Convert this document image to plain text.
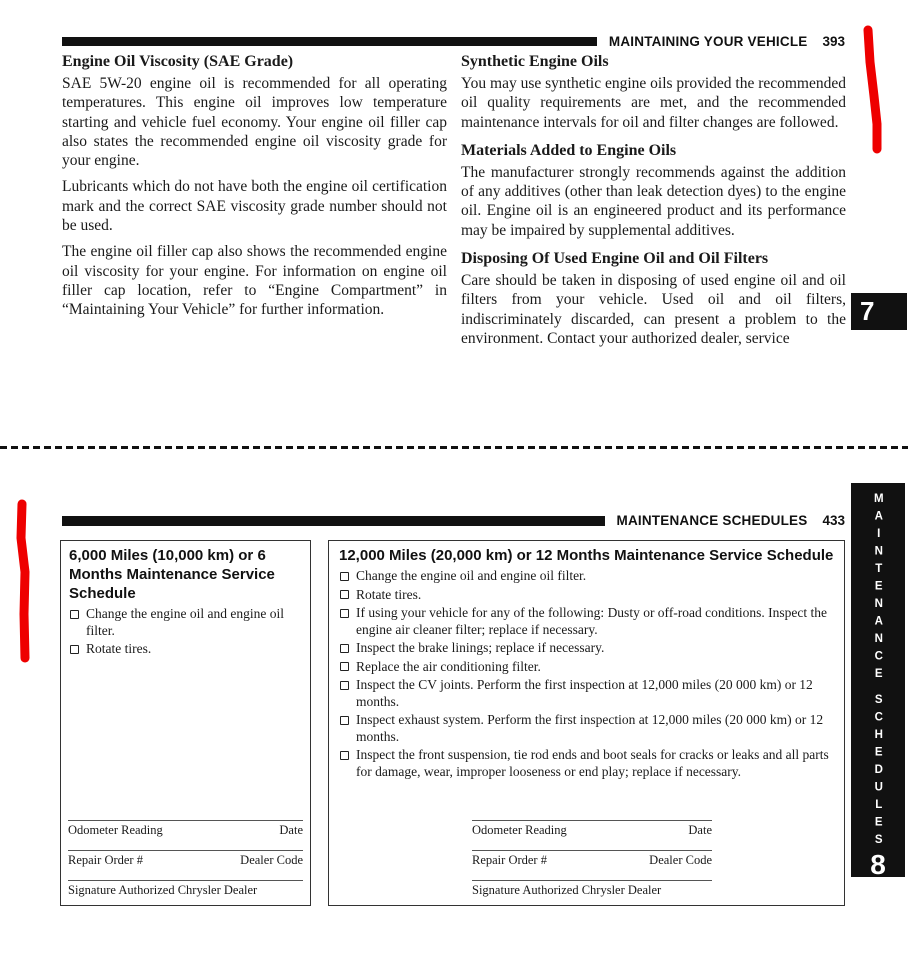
MAINTAINING YOUR VEHICLE 393
Engine Oil Viscosity (SAE Grade)

SAE 5W-20 engine oil is recommended for all operating temperatures. This engine oil improves low temperature starting and vehicle fuel economy. Your engine oil filler cap also states the recommended engine oil viscosity grade for your engine.

Lubricants which do not have both the engine oil certification mark and the correct SAE viscosity grade number should not be used.

The engine oil filler cap also shows the recommended engine oil viscosity for your engine. For information on engine oil filler cap location, refer to “Engine Compartment” in “Maintaining Your Vehicle” for further information.

Synthetic Engine Oils

You may use synthetic engine oils provided the recommended oil quality requirements are met, and the recommended maintenance intervals for oil and filter changes are followed.

Materials Added to Engine Oils

The manufacturer strongly recommends against the addition of any additives (other than leak detection dyes) to the engine oil. Engine oil is an engineered product and its performance may be impaired by supplemental additives.

Disposing Of Used Engine Oil and Oil Filters

Care should be taken in disposing of used engine oil and oil filters from your vehicle. Used oil and oil filters, indiscriminately discarded, can present a problem to the environment. Contact your authorized dealer, service

7
MAINTENANCE SCHEDULES 433
6,000 Miles (10,000 km) or 6 Months Maintenance Service Schedule
Change the engine oil and engine oil filter.
Rotate tires.
Odometer Reading	Date
Repair Order #	Dealer Code
Signature Authorized Chrysler Dealer
12,000 Miles (20,000 km) or 12 Months Maintenance Service Schedule
Change the engine oil and engine oil filter.
Rotate tires.
If using your vehicle for any of the following: Dusty or off-road conditions. Inspect the engine air cleaner filter; replace if necessary.
Inspect the brake linings; replace if necessary.
Replace the air conditioning filter.
Inspect the CV joints. Perform the first inspection at 12,000 miles (20 000 km) or 12 months.
Inspect exhaust system. Perform the first inspection at 12,000 miles (20 000 km) or 12 months.
Inspect the front suspension, tie rod ends and boot seals for cracks or leaks and all parts for damage, wear, improper looseness or end play; replace if necessary.
Odometer Reading	Date
Repair Order #	Dealer Code
Signature Authorized Chrysler Dealer
MAINTENANCE
SCHEDULES
8
